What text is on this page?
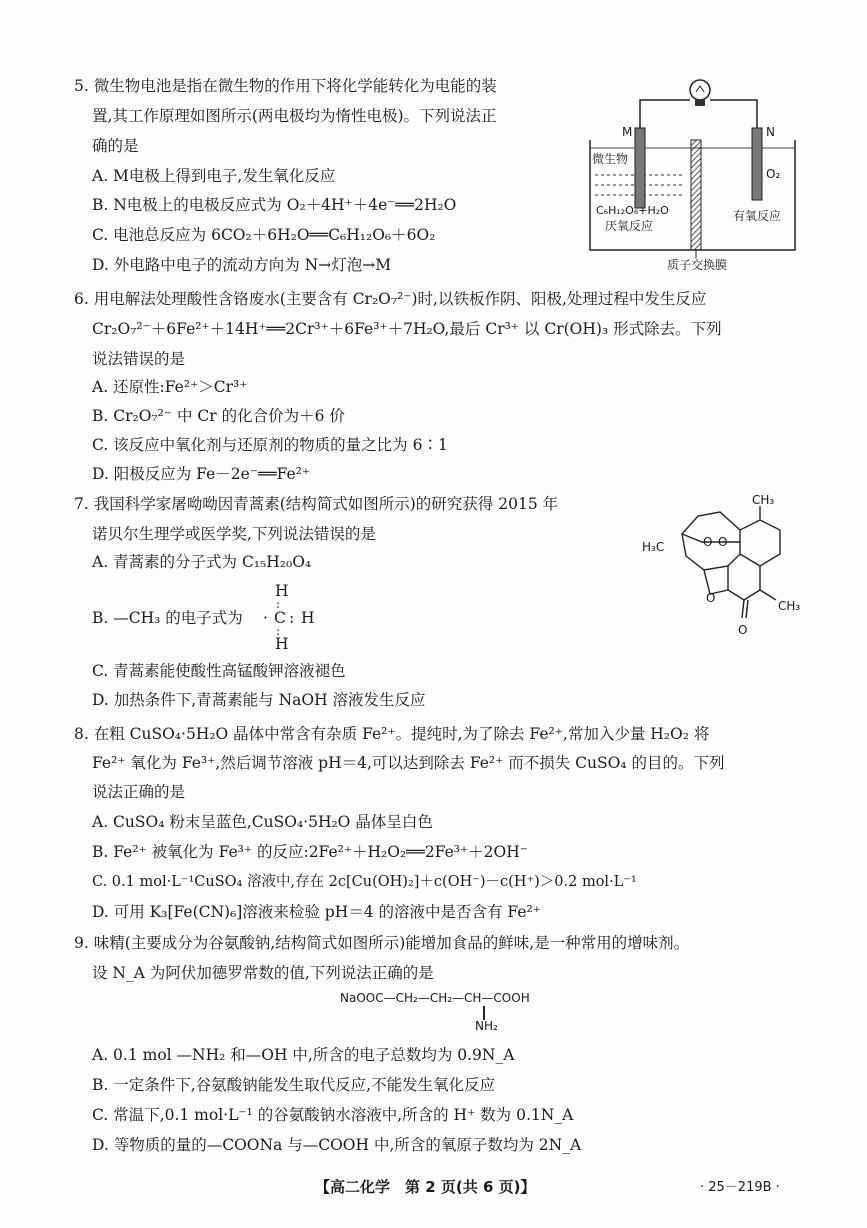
5. 微生物电池是指在微生物的作用下将化学能转化为电能的装
置,其工作原理如图所示(两电极均为惰性电极)。下列说法正
确的是
A. M电极上得到电子,发生氧化反应
B. N电极上的电极反应式为 O₂＋4H⁺＋4e⁻══2H₂O
C. 电池总反应为 6CO₂＋6H₂O══C₆H₁₂O₆＋6O₂
D. 外电路中电子的流动方向为 N→灯泡→M
M	N
微生物
O₂
C₆H₁₂O₆+H₂O
厌氧反应
有氧反应
质子交换膜
6. 用电解法处理酸性含铬废水(主要含有 Cr₂O₇²⁻)时,以铁板作阴、阳极,处理过程中发生反应
Cr₂O₇²⁻＋6Fe²⁺＋14H⁺══2Cr³⁺＋6Fe³⁺＋7H₂O,最后 Cr³⁺ 以 Cr(OH)₃ 形式除去。下列
说法错误的是
A. 还原性:Fe²⁺＞Cr³⁺
B. Cr₂O₇²⁻ 中 Cr 的化合价为＋6 价
C. 该反应中氧化剂与还原剂的物质的量之比为 6∶1
D. 阳极反应为 Fe－2e⁻══Fe²⁺
7. 我国科学家屠呦呦因青蒿素(结构简式如图所示)的研究获得 2015 年
诺贝尔生理学或医学奖,下列说法错误的是
A. 青蒿素的分子式为 C₁₅H₂₀O₄
B. —CH₃ 的电子式为
H
:
· C : H
:
H
C. 青蒿素能使酸性高锰酸钾溶液褪色
D. 加热条件下,青蒿素能与 NaOH 溶液发生反应
CH₃
H₃C	O O
O
CH₃
O
8. 在粗 CuSO₄·5H₂O 晶体中常含有杂质 Fe²⁺。提纯时,为了除去 Fe²⁺,常加入少量 H₂O₂ 将
Fe²⁺ 氧化为 Fe³⁺,然后调节溶液 pH＝4,可以达到除去 Fe²⁺ 而不损失 CuSO₄ 的目的。下列
说法正确的是
A. CuSO₄ 粉末呈蓝色,CuSO₄·5H₂O 晶体呈白色
B. Fe²⁺ 被氧化为 Fe³⁺ 的反应:2Fe²⁺＋H₂O₂══2Fe³⁺＋2OH⁻
C. 0.1 mol·L⁻¹CuSO₄ 溶液中,存在 2c[Cu(OH)₂]＋c(OH⁻)－c(H⁺)＞0.2 mol·L⁻¹
D. 可用 K₃[Fe(CN)₆]溶液来检验 pH＝4 的溶液中是否含有 Fe²⁺
9. 味精(主要成分为谷氨酸钠,结构简式如图所示)能增加食品的鲜味,是一种常用的增味剂。
设 N_A 为阿伏加德罗常数的值,下列说法正确的是
NaOOC—CH₂—CH₂—CH—COOH
NH₂
A. 0.1 mol —NH₂ 和—OH 中,所含的电子总数均为 0.9N_A
B. 一定条件下,谷氨酸钠能发生取代反应,不能发生氧化反应
C. 常温下,0.1 mol·L⁻¹ 的谷氨酸钠水溶液中,所含的 H⁺ 数为 0.1N_A
D. 等物质的量的—COONa 与—COOH 中,所含的氧原子数均为 2N_A
【高二化学　第 2 页(共 6 页)】	· 25－219B ·
